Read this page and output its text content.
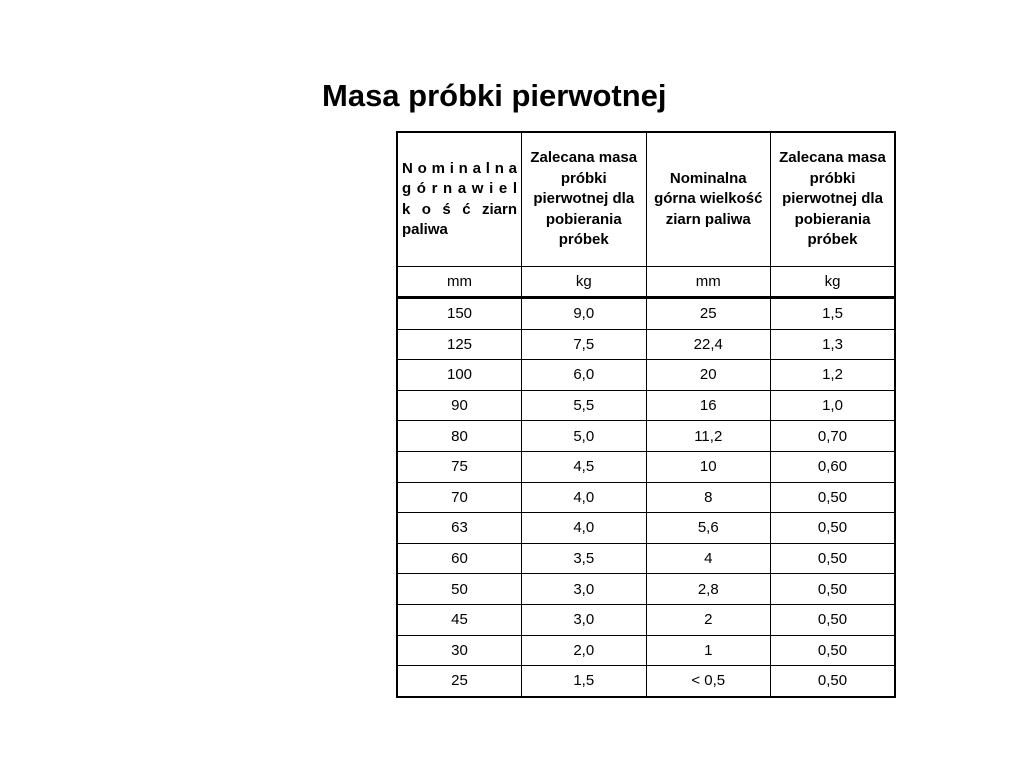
Masa próbki pierwotnej
N o m i n a l n a g ó r n a w i e l k o ś ć ziarn paliwa	Zalecana masa próbki pierwotnej dla pobierania próbek	Nominalna górna wielkość ziarn paliwa	Zalecana masa próbki pierwotnej dla pobierania próbek
mm	kg	mm	kg
150	9,0	25	1,5
125	7,5	22,4	1,3
100	6,0	20	1,2
90	5,5	16	1,0
80	5,0	11,2	0,70
75	4,5	10	0,60
70	4,0	8	0,50
63	4,0	5,6	0,50
60	3,5	4	0,50
50	3,0	2,8	0,50
45	3,0	2	0,50
30	2,0	1	0,50
25	1,5	< 0,5	0,50
